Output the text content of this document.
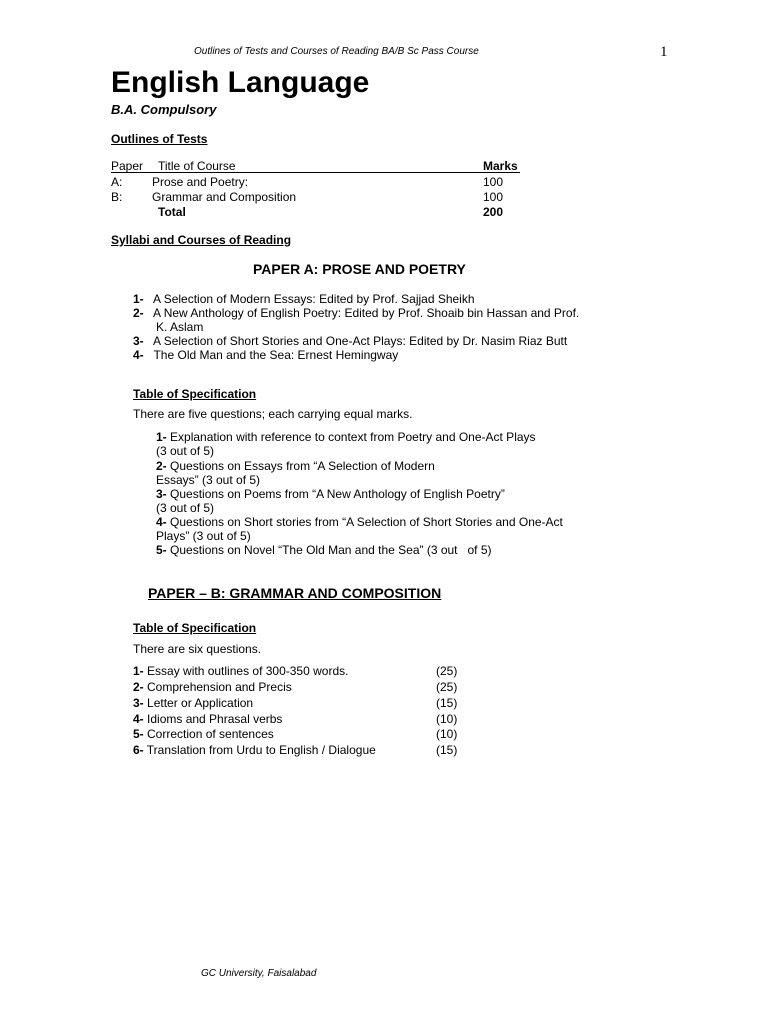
Outlines of Tests and Courses of Reading BA/B Sc Pass Course	1
English Language
B.A. Compulsory
Outlines of Tests
Paper Title of Course	Marks
A: Prose and Poetry:	100
B: Grammar and Composition	100
Total	200
Syllabi and Courses of Reading
PAPER A: PROSE AND POETRY
1- A Selection of Modern Essays: Edited by Prof. Sajjad Sheikh
2- A New Anthology of English Poetry: Edited by Prof. Shoaib bin Hassan and Prof.
K. Aslam
3-   A Selection of Short Stories and One-Act Plays: Edited by Dr. Nasim Riaz Butt
4- The Old Man and the Sea: Ernest Hemingway
Table of Specification
There are five questions; each carrying equal marks.
1- Explanation with reference to context from Poetry and One-Act Plays
(3 out of 5)
2- Questions on Essays from “A Selection of Modern
Essays” (3 out of 5)
3- Questions on Poems from “A New Anthology of English Poetry”
(3 out of 5)
4- Questions on Short stories from “A Selection of Short Stories and One-Act
Plays” (3 out of 5)
5- Questions on Novel “The Old Man and the Sea” (3 out   of 5)
PAPER – B: GRAMMAR AND COMPOSITION
Table of Specification
There are six questions.
1- Essay with outlines of 300-350 words.	(25)
2- Comprehension and Precis	(25)
3- Letter or Application	(15)
4- Idioms and Phrasal verbs	(10)
5- Correction of sentences	(10)
6- Translation from Urdu to English / Dialogue	(15)
GC University, Faisalabad
